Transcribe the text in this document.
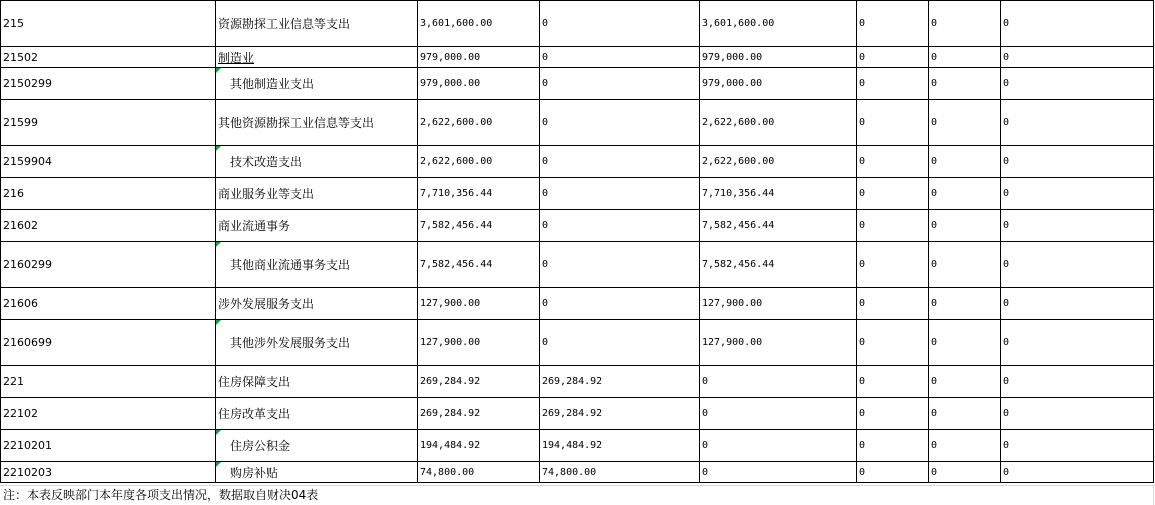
215	资源勘探工业信息等支出	3,601,600.00	0	3,601,600.00	0	0	0
21502	制造业	979,000.00	0	979,000.00	0	0	0
2150299	其他制造业支出	979,000.00	0	979,000.00	0	0	0
21599	其他资源勘探工业信息等支出	2,622,600.00	0	2,622,600.00	0	0	0
2159904	技术改造支出	2,622,600.00	0	2,622,600.00	0	0	0
216	商业服务业等支出	7,710,356.44	0	7,710,356.44	0	0	0
21602	商业流通事务	7,582,456.44	0	7,582,456.44	0	0	0
2160299	其他商业流通事务支出	7,582,456.44	0	7,582,456.44	0	0	0
21606	涉外发展服务支出	127,900.00	0	127,900.00	0	0	0
2160699	其他涉外发展服务支出	127,900.00	0	127,900.00	0	0	0
221	住房保障支出	269,284.92	269,284.92	0	0	0	0
22102	住房改革支出	269,284.92	269,284.92	0	0	0	0
2210201	住房公积金	194,484.92	194,484.92	0	0	0	0
2210203	购房补贴	74,800.00	74,800.00	0	0	0	0
注：本表反映部门本年度各项支出情况，数据取自财决04表
